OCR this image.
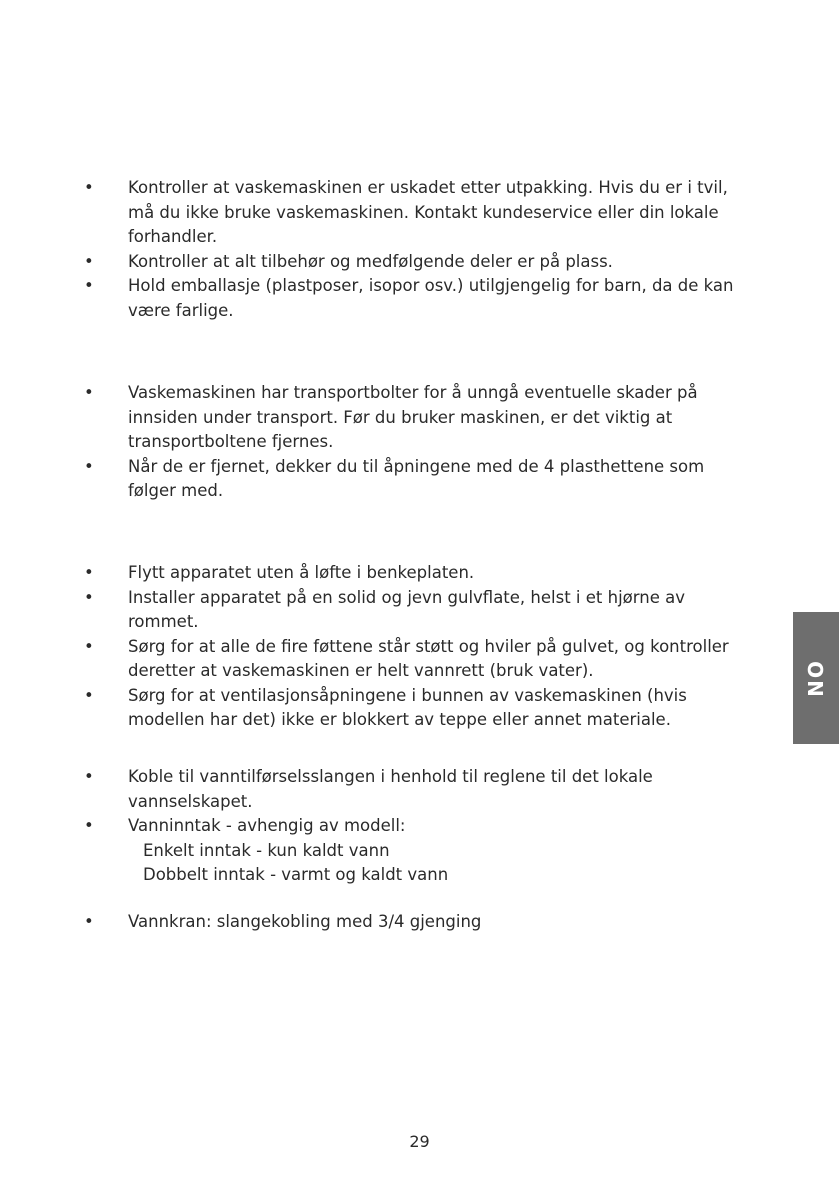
• Kontroller at vaskemaskinen er uskadet etter utpakking. Hvis du er i tvil, må du ikke bruke vaskemaskinen. Kontakt kundeservice eller din lokale forhandler.
• Kontroller at alt tilbehør og medfølgende deler er på plass.
• Hold emballasje (plastposer, isopor osv.) utilgjengelig for barn, da de kan være farlige.
• Vaskemaskinen har transportbolter for å unngå eventuelle skader på innsiden under transport. Før du bruker maskinen, er det viktig at transportboltene fjernes.
• Når de er fjernet, dekker du til åpningene med de 4 plasthettene som følger med.
• Flytt apparatet uten å løfte i benkeplaten.
• Installer apparatet på en solid og jevn gulvflate, helst i et hjørne av rommet.
• Sørg for at alle de fire føttene står støtt og hviler på gulvet, og kontroller deretter at vaskemaskinen er helt vannrett (bruk vater).
• Sørg for at ventilasjonsåpningene i bunnen av vaskemaskinen (hvis modellen har det) ikke er blokkert av teppe eller annet materiale.
• Koble til vanntilførselsslangen i henhold til reglene til det lokale vannselskapet.
• Vanninntak - avhengig av modell:
Enkelt inntak - kun kaldt vann
Dobbelt inntak - varmt og kaldt vann
• Vannkran: slangekobling med 3/4 gjenging
NO
29
